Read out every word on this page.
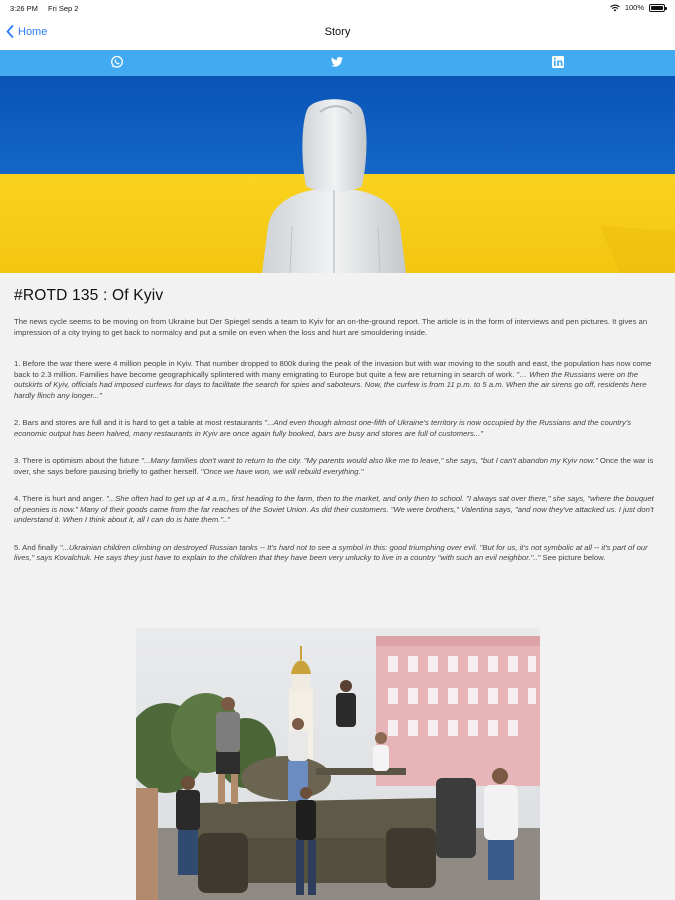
3:26 PM Fri Sep 2	100%
Home	Story
#ROTD 135 : Of Kyiv

The news cycle seems to be moving on from Ukraine but Der Spiegel sends a team to Kyiv for an on-the-ground report. The article is in the form of interviews and pen pictures. It gives an impression of a city trying to get back to normalcy and put a smile on even when the loss and hurt are smouldering inside.

1. Before the war there were 4 million people in Kyiv. That number dropped to 800k during the peak of the invasion but with war moving to the south and east, the population has now come back to 2.3 million. Families have become geographically splintered with many emigrating to Europe but quite a few are returning in search of work. "… When the Russians were on the outskirts of Kyiv, officials had imposed curfews for days to facilitate the search for spies and saboteurs. Now, the curfew is from 11 p.m. to 5 a.m. When the air sirens go off, residents here hardly flinch any longer..."

2. Bars and stores are full and it is hard to get a table at most restaurants "...And even though almost one-fifth of Ukraine's territory is now occupied by the Russians and the country's economic output has been halved, many restaurants in Kyiv are once again fully booked, bars are busy and stores are full of customers..."

3. There is optimism about the future "...Many families don't want to return to the city. "My parents would also like me to leave," she says, "but I can't abandon my Kyiv now." Once the war is over, she says before pausing briefly to gather herself. "Once we have won, we will rebuild everything."

4. There is hurt and anger. "...She often had to get up at 4 a.m., first heading to the farm, then to the market, and only then to school. "I always sat over there," she says, "where the bouquet of peonies is now." Many of their goods came from the far reaches of the Soviet Union. As did their customers. "We were brothers," Valentina says, "and now they've attacked us. I just don't understand it. When I think about it, all I can do is hate them.".."

5. And finally "...Ukrainian children climbing on destroyed Russian tanks -- It's hard not to see a symbol in this: good triumphing over evil. "But for us, it's not symbolic at all -- it's part of our lives," says Kovalchuk. He says they just have to explain to the children that they have been very unlucky to live in a country "with such an evil neighbor.".." See picture below.
